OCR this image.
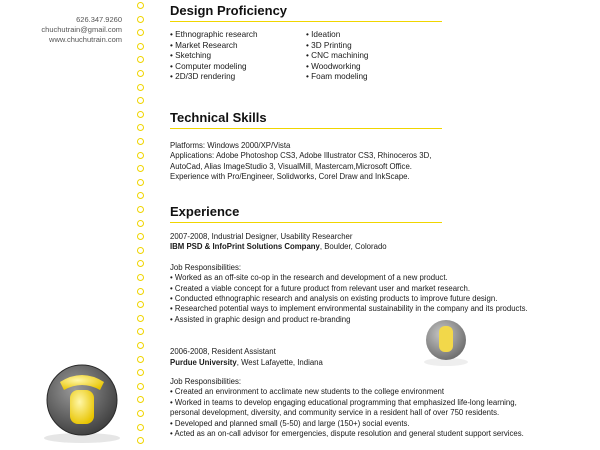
626.347.9260
chuchutrain@gmail.com
www.chuchutrain.com
Design Proficiency
• Ethnographic research
• Market Research
• Sketching
• Computer modeling
• 2D/3D rendering
• Ideation
• 3D Printing
• CNC machining
• Woodworking
• Foam modeling
Technical Skills
Platforms: Windows 2000/XP/Vista
Applications: Adobe Photoshop CS3, Adobe Illustrator CS3, Rhinoceros 3D,
AutoCad, Alias ImageStudio 3, VisualMill, Mastercam,Microsoft Office.
Experience with Pro/Engineer, Solidworks, Corel Draw and InkScape.
Experience
2007-2008, Industrial Designer, Usability Researcher
IBM PSD & InfoPrint Solutions Company, Boulder, Colorado
Job Responsibilities:
• Worked as an off-site co-op in the research and development of a new product.
• Created a viable concept for a future product from relevant user and market research.
• Conducted ethnographic research and analysis on existing products to improve future design.
• Researched potential ways to implement environmental sustainability in the company and its products.
• Assisted in graphic design and product re-branding
2006-2008, Resident Assistant
Purdue University, West Lafayette, Indiana
Job Responsibilities:
• Created an environment to acclimate new students to the college environment
• Worked in teams to develop engaging educational programming that emphasized life-long learning,
personal development, diversity, and community service in a resident hall of over 750 residents.
• Developed and planned small (5-50) and large (150+) social events.
• Acted as an on-call advisor for emergencies, dispute resolution and general student support services.
